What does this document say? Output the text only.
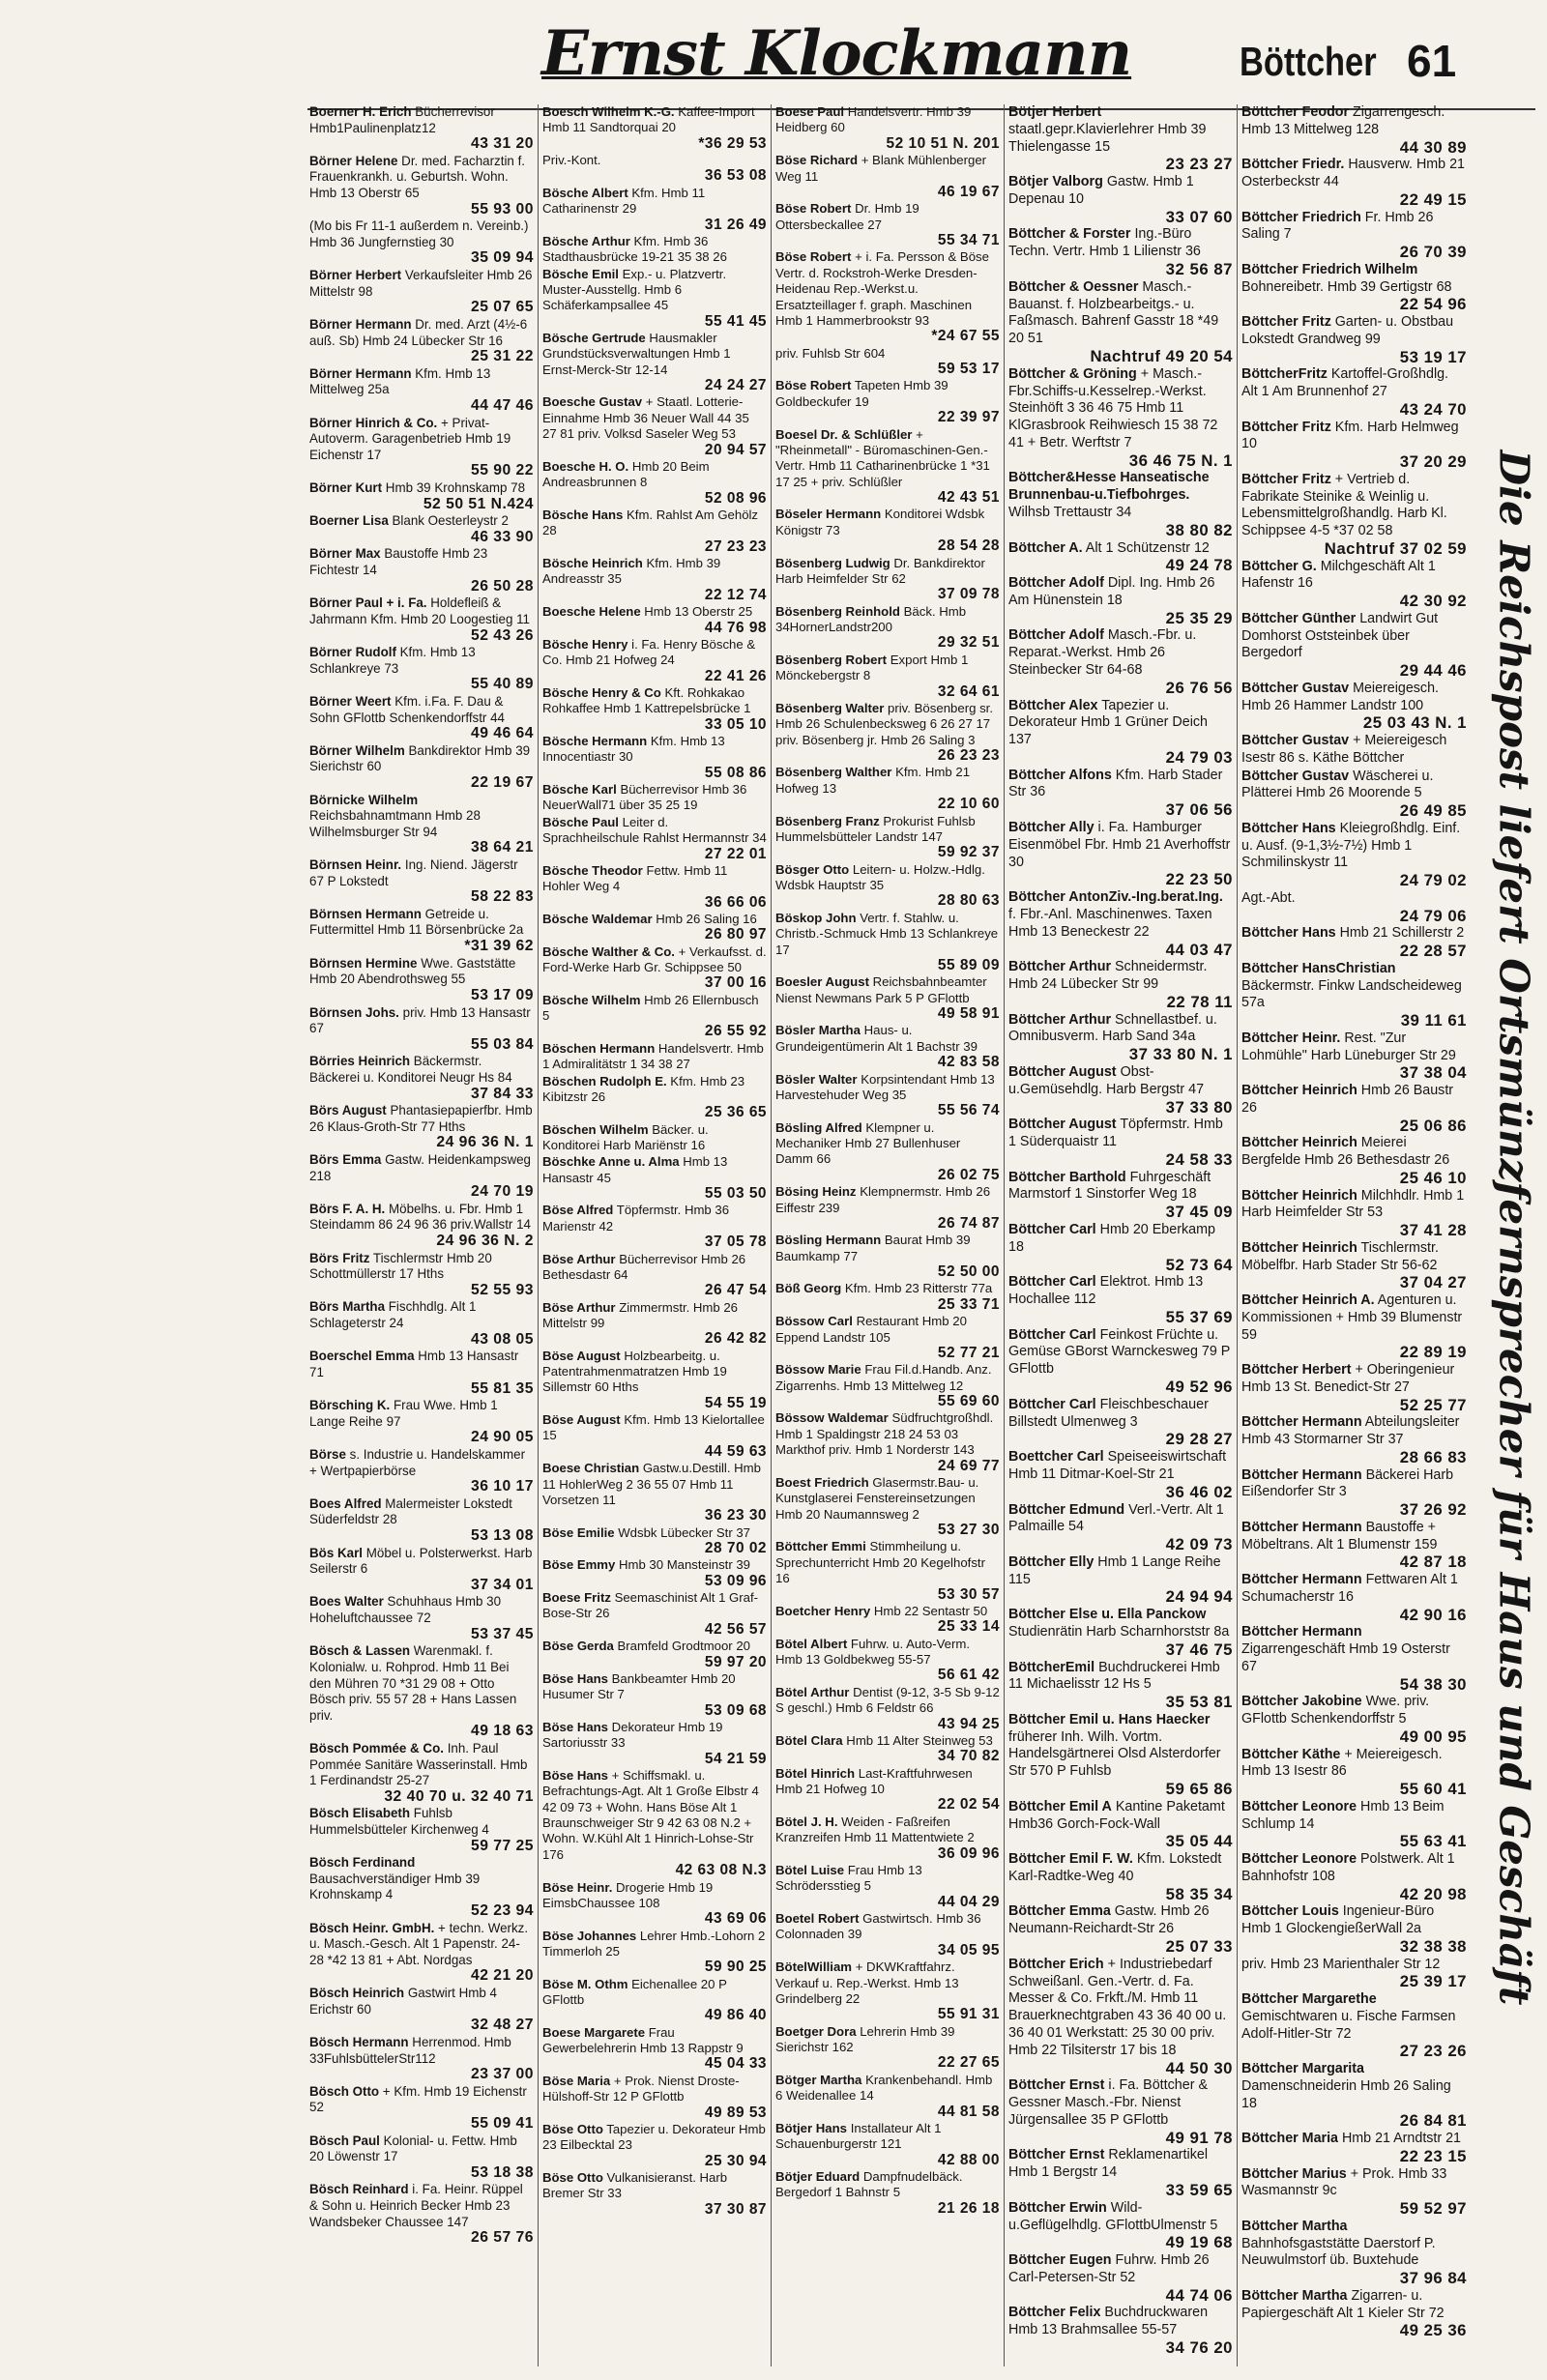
Ernst Klockmann	Böttcher 61
Boerner H. Erich Bücherrevisor Hmb1Paulinenplatz12
43 31 20
Börner Helene Dr. med. Facharztin f. Frauenkrankh. u. Geburtsh. Wohn. Hmb 13 Oberstr 65
55 93 00
(Mo bis Fr 11-1 außerdem n. Vereinb.) Hmb 36 Jungfernstieg 30
35 09 94
Börner Herbert Verkaufsleiter Hmb 26 Mittelstr 98
25 07 65
Börner Hermann Dr. med. Arzt (4½-6 auß. Sb) Hmb 24 Lübecker Str 16
25 31 22
Börner Hermann Kfm. Hmb 13 Mittelweg 25a
44 47 46
Börner Hinrich & Co. + Privat-Autoverm. Garagenbetrieb Hmb 19 Eichenstr 17
55 90 22
Börner Kurt Hmb 39 Krohnskamp 78
52 50 51 N.424
Boerner Lisa Blank Oesterleystr 2
46 33 90
Börner Max Baustoffe Hmb 23 Fichtestr 14
26 50 28
Börner Paul + i. Fa. Holdefleiß & Jahrmann Kfm. Hmb 20 Loogestieg 11
52 43 26
Börner Rudolf Kfm. Hmb 13 Schlankreye 73
55 40 89
Börner Weert Kfm. i.Fa. F. Dau & Sohn GFlottb Schenkendorffstr 44
49 46 64
Börner Wilhelm Bankdirektor Hmb 39 Sierichstr 60
22 19 67
Börnicke Wilhelm Reichsbahnamtmann Hmb 28 Wilhelmsburger Str 94
38 64 21
Börnsen Heinr. Ing. Niend. Jägerstr 67 P Lokstedt
58 22 83
Börnsen Hermann Getreide u. Futtermittel Hmb 11 Börsenbrücke 2a
*31 39 62
Börnsen Hermine Wwe. Gaststätte Hmb 20 Abendrothsweg 55
53 17 09
Börnsen Johs. priv. Hmb 13 Hansastr 67
55 03 84
Börries Heinrich Bäckermstr. Bäckerei u. Konditorei Neugr Hs 84
37 84 33
Börs August Phantasiepapierfbr. Hmb 26 Klaus-Groth-Str 77 Hths
24 96 36 N. 1
Börs Emma Gastw. Heidenkampsweg 218
24 70 19
Börs F. A. H. Möbelhs. u. Fbr. Hmb 1 Steindamm 86 24 96 36 priv.Wallstr 14
24 96 36 N. 2
Börs Fritz Tischlermstr Hmb 20 Schottmüllerstr 17 Hths
52 55 93
Börs Martha Fischhdlg. Alt 1 Schlageterstr 24
43 08 05
Boerschel Emma Hmb 13 Hansastr 71
55 81 35
Börsching K. Frau Wwe. Hmb 1 Lange Reihe 97
24 90 05
Börse s. Industrie u. Handelskammer + Wertpapierbörse
36 10 17
Boes Alfred Malermeister Lokstedt Süderfeldstr 28
53 13 08
Bös Karl Möbel u. Polsterwerkst. Harb Seilerstr 6
37 34 01
Boes Walter Schuhhaus Hmb 30 Hoheluftchaussee 72
53 37 45
Bösch & Lassen Warenmakl. f. Kolonialw. u. Rohprod. Hmb 11 Bei den Mühren 70 *31 29 08 + Otto Bösch priv. 55 57 28 + Hans Lassen priv.
49 18 63
Bösch Pommée & Co. Inh. Paul Pommée Sanitäre Wasserinstall. Hmb 1 Ferdinandstr 25-27
32 40 70 u. 32 40 71
Bösch Elisabeth Fuhlsb Hummelsbütteler Kirchenweg 4
59 77 25
Bösch Ferdinand Bausachverständiger Hmb 39 Krohnskamp 4
52 23 94
Bösch Heinr. GmbH. + techn. Werkz. u. Masch.-Gesch. Alt 1 Papenstr. 24-28 *42 13 81 + Abt. Nordgas
42 21 20
Bösch Heinrich Gastwirt Hmb 4 Erichstr 60
32 48 27
Bösch Hermann Herrenmod. Hmb 33FuhlsbüttelerStr112
23 37 00
Bösch Otto + Kfm. Hmb 19 Eichenstr 52
55 09 41
Bösch Paul Kolonial- u. Fettw. Hmb 20 Löwenstr 17
53 18 38
Bösch Reinhard i. Fa. Heinr. Rüppel & Sohn u. Heinrich Becker Hmb 23 Wandsbeker Chaussee 147
26 57 76
Boesch Wilhelm K.-G. Kaffee-Import Hmb 11 Sandtorquai 20
*36 29 53
Priv.-Kont.
36 53 08
Bösche Albert Kfm. Hmb 11 Catharinenstr 29
31 26 49
Bösche Arthur Kfm. Hmb 36 Stadthausbrücke 19-21 35 38 26
Bösche Emil Exp.- u. Platzvertr. Muster-Ausstellg. Hmb 6 Schäferkampsallee 45
55 41 45
Bösche Gertrude Hausmakler Grundstücksverwaltungen Hmb 1 Ernst-Merck-Str 12-14
24 24 27
Boesche Gustav + Staatl. Lotterie-Einnahme Hmb 36 Neuer Wall 44 35 27 81 priv. Volksd Saseler Weg 53
20 94 57
Boesche H. O. Hmb 20 Beim Andreasbrunnen 8
52 08 96
Bösche Hans Kfm. Rahlst Am Gehölz 28
27 23 23
Bösche Heinrich Kfm. Hmb 39 Andreasstr 35
22 12 74
Boesche Helene Hmb 13 Oberstr 25
44 76 98
Bösche Henry i. Fa. Henry Bösche & Co. Hmb 21 Hofweg 24
22 41 26
Bösche Henry & Co Kft. Rohkakao Rohkaffee Hmb 1 Kattrepelsbrücke 1
33 05 10
Bösche Hermann Kfm. Hmb 13 Innocentiastr 30
55 08 86
Bösche Karl Bücherrevisor Hmb 36 NeuerWall71 über 35 25 19
Bösche Paul Leiter d. Sprachheilschule Rahlst Hermannstr 34
27 22 01
Bösche Theodor Fettw. Hmb 11 Hohler Weg 4
36 66 06
Bösche Waldemar Hmb 26 Saling 16
26 80 97
Bösche Walther & Co. + Verkaufsst. d. Ford-Werke Harb Gr. Schippsee 50
37 00 16
Bösche Wilhelm Hmb 26 Ellernbusch 5
26 55 92
Böschen Hermann Handelsvertr. Hmb 1 Admiralitätstr 1 34 38 27
Böschen Rudolph E. Kfm. Hmb 23 Kibitzstr 26
25 36 65
Böschen Wilhelm Bäcker. u. Konditorei Harb Mariënstr 16
Böschke Anne u. Alma Hmb 13 Hansastr 45
55 03 50
Böse Alfred Töpfermstr. Hmb 36 Marienstr 42
37 05 78
Böse Arthur Bücherrevisor Hmb 26 Bethesdastr 64
26 47 54
Böse Arthur Zimmermstr. Hmb 26 Mittelstr 99
26 42 82
Böse August Holzbearbeitg. u. Patentrahmenmatratzen Hmb 19 Sillemstr 60 Hths
54 55 19
Böse August Kfm. Hmb 13 Kielortallee 15
44 59 63
Boese Christian Gastw.u.Destill. Hmb 11 HohlerWeg 2 36 55 07 Hmb 11 Vorsetzen 11
36 23 30
Böse Emilie Wdsbk Lübecker Str 37
28 70 02
Böse Emmy Hmb 30 Mansteinstr 39
53 09 96
Boese Fritz Seemaschinist Alt 1 Graf-Bose-Str 26
42 56 57
Böse Gerda Bramfeld Grodtmoor 20
59 97 20
Böse Hans Bankbeamter Hmb 20 Husumer Str 7
53 09 68
Böse Hans Dekorateur Hmb 19 Sartoriusstr 33
54 21 59
Böse Hans + Schiffsmakl. u. Befrachtungs-Agt. Alt 1 Große Elbstr 4 42 09 73 + Wohn. Hans Böse Alt 1 Braunschweiger Str 9 42 63 08 N.2 + Wohn. W.Kühl Alt 1 Hinrich-Lohse-Str 176
42 63 08 N.3
Böse Heinr. Drogerie Hmb 19 EimsbChaussee 108
43 69 06
Böse Johannes Lehrer Hmb.-Lohorn 2 Timmerloh 25
59 90 25
Böse M. Othm Eichenallee 20 P GFlottb
49 86 40
Boese Margarete Frau Gewerbelehrerin Hmb 13 Rappstr 9
45 04 33
Böse Maria + Prok. Nienst Droste-Hülshoff-Str 12 P GFlottb
49 89 53
Böse Otto Tapezier u. Dekorateur Hmb 23 Eilbecktal 23
25 30 94
Böse Otto Vulkanisieranst. Harb Bremer Str 33
37 30 87
Boese Paul Handelsvertr. Hmb 39 Heidberg 60
52 10 51 N. 201
Böse Richard + Blank Mühlenberger Weg 11
46 19 67
Böse Robert Dr. Hmb 19 Ottersbeckallee 27
55 34 71
Böse Robert + i. Fa. Persson & Böse Vertr. d. Rockstroh-Werke Dresden-Heidenau Rep.-Werkst.u. Ersatzteillager f. graph. Maschinen Hmb 1 Hammerbrookstr 93
*24 67 55
priv. Fuhlsb Str 604
59 53 17
Böse Robert Tapeten Hmb 39 Goldbeckufer 19
22 39 97
Boesel Dr. & Schlüßler + "Rheinmetall" - Büromaschinen-Gen.-Vertr. Hmb 11 Catharinenbrücke 1 *31 17 25 + priv. Schlüßler
42 43 51
Böseler Hermann Konditorei Wdsbk Königstr 73
28 54 28
Bösenberg Ludwig Dr. Bankdirektor Harb Heimfelder Str 62
37 09 78
Bösenberg Reinhold Bäck. Hmb 34HornerLandstr200
29 32 51
Bösenberg Robert Export Hmb 1 Mönckebergstr 8
32 64 61
Bösenberg Walter priv. Bösenberg sr. Hmb 26 Schulenbecksweg 6 26 27 17 priv. Bösenberg jr. Hmb 26 Saling 3
26 23 23
Bösenberg Walther Kfm. Hmb 21 Hofweg 13
22 10 60
Bösenberg Franz Prokurist Fuhlsb Hummelsbütteler Landstr 147
59 92 37
Bösger Otto Leitern- u. Holzw.-Hdlg. Wdsbk Hauptstr 35
28 80 63
Böskop John Vertr. f. Stahlw. u. Christb.-Schmuck Hmb 13 Schlankreye 17
55 89 09
Boesler August Reichsbahnbeamter Nienst Newmans Park 5 P GFlottb
49 58 91
Bösler Martha Haus- u. Grundeigentümerin Alt 1 Bachstr 39
42 83 58
Bösler Walter Korpsintendant Hmb 13 Harvestehuder Weg 35
55 56 74
Bösling Alfred Klempner u. Mechaniker Hmb 27 Bullenhuser Damm 66
26 02 75
Bösing Heinz Klempnermstr. Hmb 26 Eiffestr 239
26 74 87
Bösling Hermann Baurat Hmb 39 Baumkamp 77
52 50 00
Böß Georg Kfm. Hmb 23 Ritterstr 77a
25 33 71
Bössow Carl Restaurant Hmb 20 Eppend Landstr 105
52 77 21
Bössow Marie Frau Fil.d.Handb. Anz. Zigarrenhs. Hmb 13 Mittelweg 12
55 69 60
Bössow Waldemar Südfruchtgroßhdl. Hmb 1 Spaldingstr 218 24 53 03 Markthof priv. Hmb 1 Norderstr 143
24 69 77
Boest Friedrich Glasermstr.Bau- u. Kunstglaserei Fenstereinsetzungen Hmb 20 Naumannsweg 2
53 27 30
Böttcher Emmi Stimmheilung u. Sprechunterricht Hmb 20 Kegelhofstr 16
53 30 57
Boetcher Henry Hmb 22 Sentastr 50
25 33 14
Bötel Albert Fuhrw. u. Auto-Verm. Hmb 13 Goldbekweg 55-57
56 61 42
Bötel Arthur Dentist (9-12, 3-5 Sb 9-12 S geschl.) Hmb 6 Feldstr 66
43 94 25
Bötel Clara Hmb 11 Alter Steinweg 53
34 70 82
Bötel Hinrich Last-Kraftfuhrwesen Hmb 21 Hofweg 10
22 02 54
Bötel J. H. Weiden - Faßreifen Kranzreifen Hmb 11 Mattentwiete 2
36 09 96
Bötel Luise Frau Hmb 13 Schrödersstieg 5
44 04 29
Boetel Robert Gastwirtsch. Hmb 36 Colonnaden 39
34 05 95
BötelWilliam + DKWKraftfahrz. Verkauf u. Rep.-Werkst. Hmb 13 Grindelberg 22
55 91 31
Boetger Dora Lehrerin Hmb 39 Sierichstr 162
22 27 65
Bötger Martha Krankenbehandl. Hmb 6 Weidenallee 14
44 81 58
Bötjer Hans Installateur Alt 1 Schauenburgerstr 121
42 88 00
Bötjer Eduard Dampfnudelbäck. Bergedorf 1 Bahnstr 5
21 26 18
Bötjer Herbert staatl.gepr.Klavierlehrer Hmb 39 Thielengasse 15
23 23 27
Bötjer Valborg Gastw. Hmb 1 Depenau 10
33 07 60
Böttcher & Forster Ing.-Büro Techn. Vertr. Hmb 1 Lilienstr 36
32 56 87
Böttcher & Oessner Masch.-Bauanst. f. Holzbearbeitgs.- u. Faßmasch. Bahrenf Gasstr 18 *49 20 51
Nachtruf 49 20 54
Böttcher & Gröning + Masch.-Fbr.Schiffs-u.Kesselrep.-Werkst. Steinhöft 3 36 46 75 Hmb 11 KlGrasbrook Reihwiesch 15 38 72 41 + Betr. Werftstr 7
36 46 75 N. 1
Böttcher&Hesse Hanseatische Brunnenbau-u.Tiefbohrges. Wilhsb Trettaustr 34
38 80 82
Böttcher A. Alt 1 Schützenstr 12
49 24 78
Böttcher Adolf Dipl. Ing. Hmb 26 Am Hünenstein 18
25 35 29
Böttcher Adolf Masch.-Fbr. u. Reparat.-Werkst. Hmb 26 Steinbecker Str 64-68
26 76 56
Böttcher Alex Tapezier u. Dekorateur Hmb 1 Grüner Deich 137
24 79 03
Böttcher Alfons Kfm. Harb Stader Str 36
37 06 56
Böttcher Ally i. Fa. Hamburger Eisenmöbel Fbr. Hmb 21 Averhoffstr 30
22 23 50
Böttcher AntonZiv.-Ing.berat.Ing. f. Fbr.-Anl. Maschinenwes. Taxen Hmb 13 Beneckestr 22
44 03 47
Böttcher Arthur Schneidermstr. Hmb 24 Lübecker Str 99
22 78 11
Böttcher Arthur Schnellastbef. u. Omnibusverm. Harb Sand 34a
37 33 80 N. 1
Böttcher August Obst-u.Gemüsehdlg. Harb Bergstr 47
37 33 80
Böttcher August Töpfermstr. Hmb 1 Süderquaistr 11
24 58 33
Böttcher Barthold Fuhrgeschäft Marmstorf 1 Sinstorfer Weg 18
37 45 09
Böttcher Carl Hmb 20 Eberkamp 18
52 73 64
Böttcher Carl Elektrot. Hmb 13 Hochallee 112
55 37 69
Böttcher Carl Feinkost Früchte u. Gemüse GBorst Warnckesweg 79 P GFlottb
49 52 96
Böttcher Carl Fleischbeschauer Billstedt Ulmenweg 3
29 28 27
Boettcher Carl Speiseeiswirtschaft Hmb 11 Ditmar-Koel-Str 21
36 46 02
Böttcher Edmund Verl.-Vertr. Alt 1 Palmaille 54
42 09 73
Böttcher Elly Hmb 1 Lange Reihe 115
24 94 94
Böttcher Else u. Ella Panckow Studienrätin Harb Scharnhorststr 8a
37 46 75
BöttcherEmil Buchdruckerei Hmb 11 Michaelisstr 12 Hs 5
35 53 81
Böttcher Emil u. Hans Haecker früherer Inh. Wilh. Vortm. Handelsgärtnerei Olsd Alsterdorfer Str 570 P Fuhlsb
59 65 86
Böttcher Emil A Kantine Paketamt Hmb36 Gorch-Fock-Wall
35 05 44
Böttcher Emil F. W. Kfm. Lokstedt Karl-Radtke-Weg 40
58 35 34
Böttcher Emma Gastw. Hmb 26 Neumann-Reichardt-Str 26
25 07 33
Böttcher Erich + Industriebedarf Schweißanl. Gen.-Vertr. d. Fa. Messer & Co. Frkft./M. Hmb 11 Brauerknechtgraben 43 36 40 00 u. 36 40 01 Werkstatt: 25 30 00 priv. Hmb 22 Tilsiterstr 17 bis 18
44 50 30
Böttcher Ernst i. Fa. Böttcher & Gessner Masch.-Fbr. Nienst Jürgensallee 35 P GFlottb
49 91 78
Böttcher Ernst Reklamenartikel Hmb 1 Bergstr 14
33 59 65
Böttcher Erwin Wild-u.Geflügelhdlg. GFlottbUlmenstr 5
49 19 68
Böttcher Eugen Fuhrw. Hmb 26 Carl-Petersen-Str 52
44 74 06
Böttcher Felix Buchdruckwaren Hmb 13 Brahmsallee 55-57
34 76 20
Böttcher Feodor Zigarrengesch. Hmb 13 Mittelweg 128
44 30 89
Böttcher Friedr. Hausverw. Hmb 21 Osterbeckstr 44
22 49 15
Böttcher Friedrich Fr. Hmb 26 Saling 7
26 70 39
Böttcher Friedrich Wilhelm Bohnereibetr. Hmb 39 Gertigstr 68
22 54 96
Böttcher Fritz Garten- u. Obstbau Lokstedt Grandweg 99
53 19 17
BöttcherFritz Kartoffel-Großhdlg. Alt 1 Am Brunnenhof 27
43 24 70
Böttcher Fritz Kfm. Harb Helmweg 10
37 20 29
Böttcher Fritz + Vertrieb d. Fabrikate Steinike & Weinlig u. Lebensmittelgroßhandlg. Harb Kl. Schippsee 4-5 *37 02 58
Nachtruf 37 02 59
Böttcher G. Milchgeschäft Alt 1 Hafenstr 16
42 30 92
Böttcher Günther Landwirt Gut Domhorst Oststeinbek über Bergedorf
29 44 46
Böttcher Gustav Meiereigesch. Hmb 26 Hammer Landstr 100
25 03 43 N. 1
Böttcher Gustav + Meiereigesch Isestr 86 s. Käthe Böttcher
Böttcher Gustav Wäscherei u. Plätterei Hmb 26 Moorende 5
26 49 85
Böttcher Hans Kleiegroßhdlg. Einf. u. Ausf. (9-1,3½-7½) Hmb 1 Schmilinskystr 11
24 79 02
Agt.-Abt.
24 79 06
Böttcher Hans Hmb 21 Schillerstr 2
22 28 57
Böttcher HansChristian Bäckermstr. Finkw Landscheideweg 57a
39 11 61
Böttcher Heinr. Rest. "Zur Lohmühle" Harb Lüneburger Str 29
37 38 04
Böttcher Heinrich Hmb 26 Baustr 26
25 06 86
Böttcher Heinrich Meierei Bergfelde Hmb 26 Bethesdastr 26
25 46 10
Böttcher Heinrich Milchhdlr. Hmb 1 Harb Heimfelder Str 53
37 41 28
Böttcher Heinrich Tischlermstr. Möbelfbr. Harb Stader Str 56-62
37 04 27
Böttcher Heinrich A. Agenturen u. Kommissionen + Hmb 39 Blumenstr 59
22 89 19
Böttcher Herbert + Oberingenieur Hmb 13 St. Benedict-Str 27
52 25 77
Böttcher Hermann Abteilungsleiter Hmb 43 Stormarner Str 37
28 66 83
Böttcher Hermann Bäckerei Harb Eißendorfer Str 3
37 26 92
Böttcher Hermann Baustoffe + Möbeltrans. Alt 1 Blumenstr 159
42 87 18
Böttcher Hermann Fettwaren Alt 1 Schumacherstr 16
42 90 16
Böttcher Hermann Zigarrengeschäft Hmb 19 Osterstr 67
54 38 30
Böttcher Jakobine Wwe. priv. GFlottb Schenkendorffstr 5
49 00 95
Böttcher Käthe + Meiereigesch. Hmb 13 Isestr 86
55 60 41
Böttcher Leonore Hmb 13 Beim Schlump 14
55 63 41
Böttcher Leonore Polstwerk. Alt 1 Bahnhofstr 108
42 20 98
Böttcher Louis Ingenieur-Büro Hmb 1 GlockengießerWall 2a
32 38 38
priv. Hmb 23 Marienthaler Str 12
25 39 17
Böttcher Margarethe Gemischtwaren u. Fische Farmsen Adolf-Hitler-Str 72
27 23 26
Böttcher Margarita Damenschneiderin Hmb 26 Saling 18
26 84 81
Böttcher Maria Hmb 21 Arndtstr 21
22 23 15
Böttcher Marius + Prok. Hmb 33 Wasmannstr 9c
59 52 97
Böttcher Martha Bahnhofsgaststätte Daerstorf P. Neuwulmstorf üb. Buxtehude
37 96 84
Böttcher Martha Zigarren- u. Papiergeschäft Alt 1 Kieler Str 72
49 25 36
Die Reichspost liefert Ortsmünzfernsprecher für Haus und Geschäft
